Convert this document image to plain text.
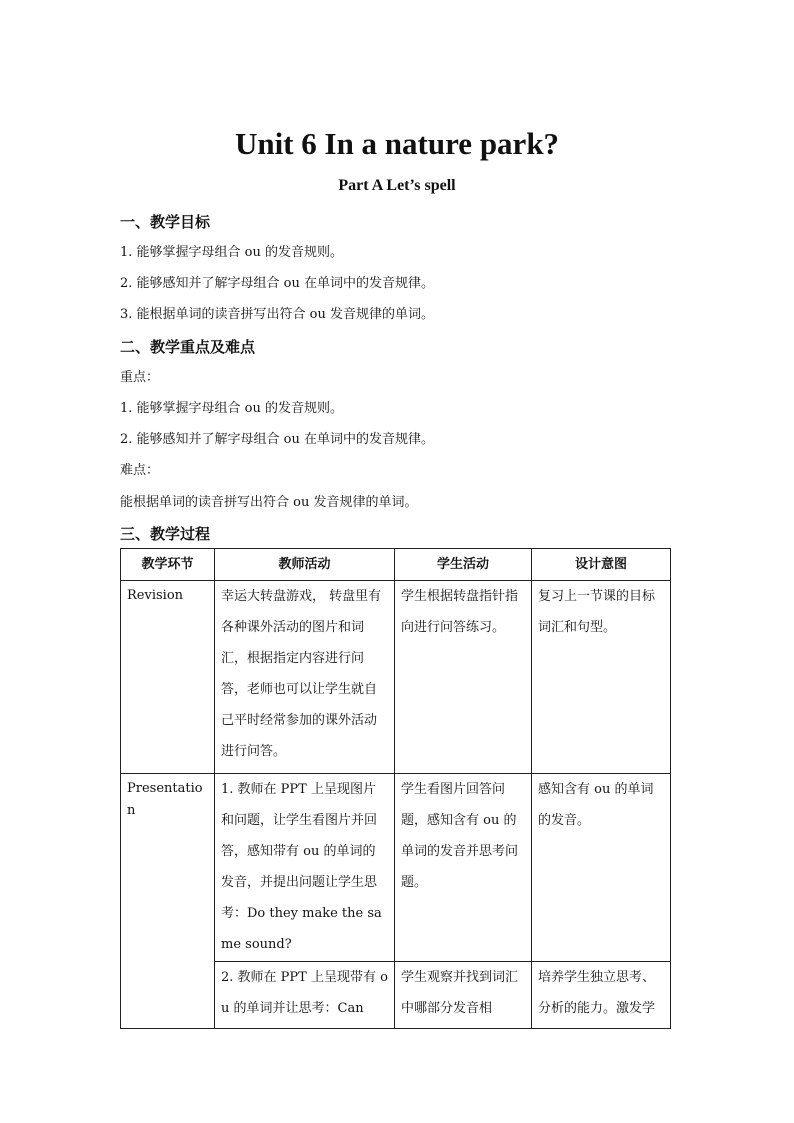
Unit 6 In a nature park?
Part A Let’s spell
一、教学目标
1. 能够掌握字母组合 ou 的发音规则。
2. 能够感知并了解字母组合 ou 在单词中的发音规律。
3. 能根据单词的读音拼写出符合 ou 发音规律的单词。
二、教学重点及难点
重点：
1. 能够掌握字母组合 ou 的发音规则。
2. 能够感知并了解字母组合 ou 在单词中的发音规律。
难点：
能根据单词的读音拼写出符合 ou 发音规律的单词。
三、教学过程
教学环节	教师活动	学生活动	设计意图
Revision	幸运大转盘游戏， 转盘里有各种课外活动的图片和词汇，根据指定内容进行问答，老师也可以让学生就自己平时经常参加的课外活动进行问答。	学生根据转盘指针指向进行问答练习。	复习上一节课的目标词汇和句型。
Presentation	1. 教师在 PPT 上呈现图片和问题，让学生看图片并回答，感知带有 ou 的单词的发音，并提出问题让学生思考：Do they make the same sound?	学生看图片回答问题，感知含有 ou 的单词的发音并思考问题。	感知含有 ou 的单词的发音。

	2. 教师在 PPT 上呈现带有 ou 的单词并让思考：Can	学生观察并找到词汇中哪部分发音相	培养学生独立思考、分析的能力。激发学
